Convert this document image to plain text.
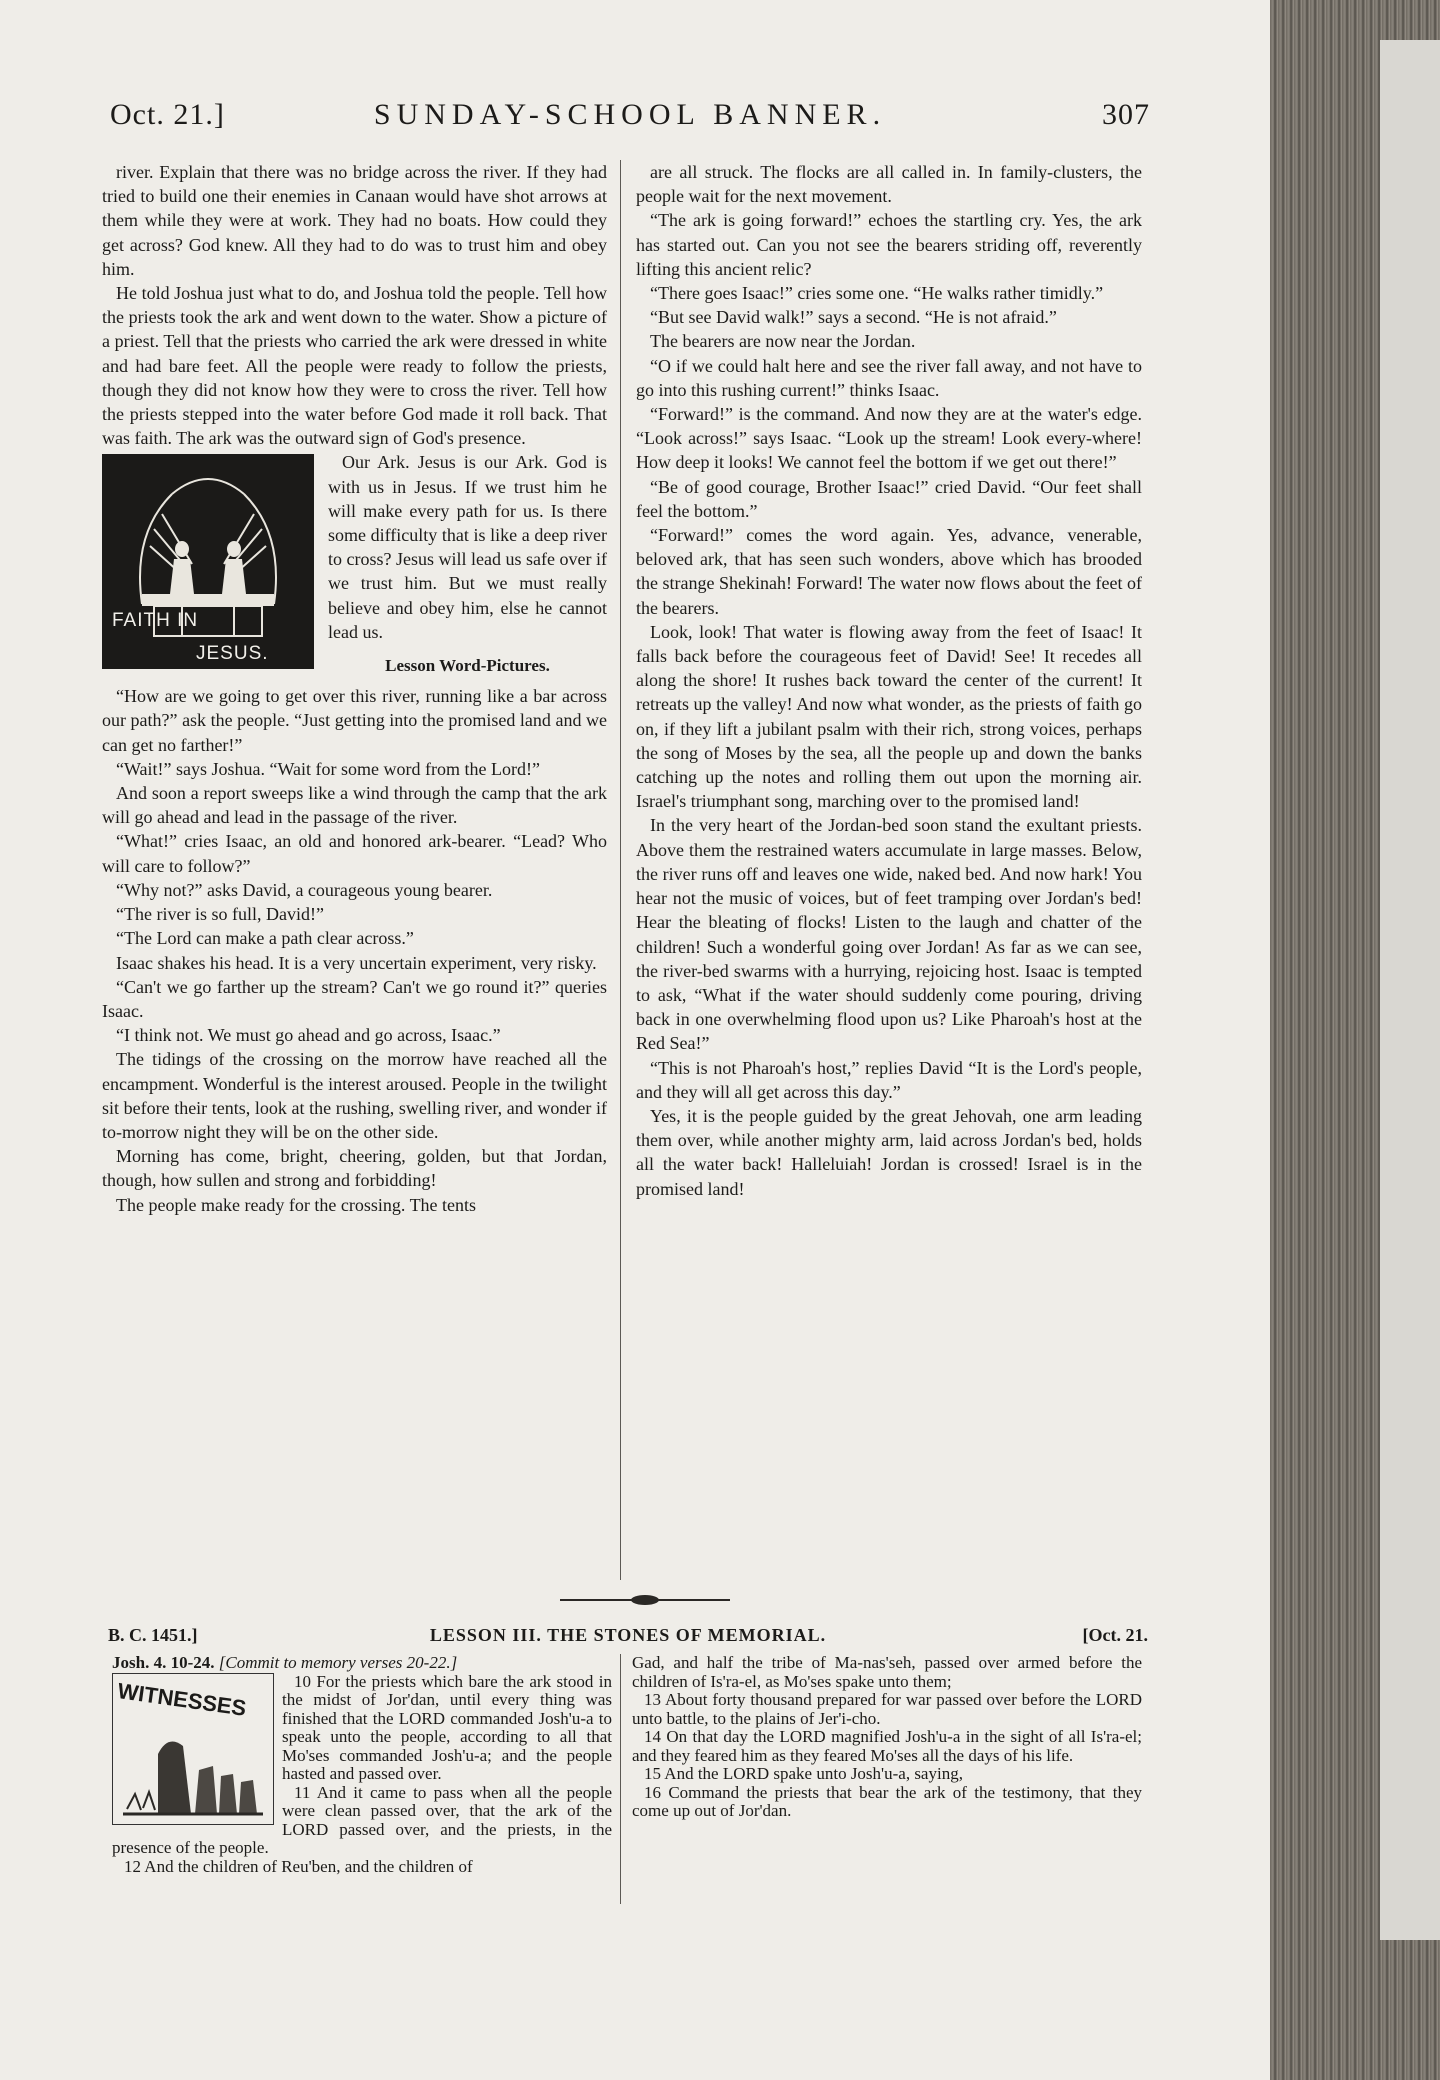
Oct. 21.]	SUNDAY-SCHOOL BANNER.	307

river. Explain that there was no bridge across the river. If they had tried to build one their enemies in Canaan would have shot arrows at them while they were at work. They had no boats. How could they get across? God knew. All they had to do was to trust him and obey him.

He told Joshua just what to do, and Joshua told the people. Tell how the priests took the ark and went down to the water. Show a picture of a priest. Tell that the priests who carried the ark were dressed in white and had bare feet. All the people were ready to follow the priests, though they did not know how they were to cross the river. Tell how the priests stepped into the water before God made it roll back. That was faith. The ark was the outward sign of God's presence.

FAITH IN
JESUS.

Our Ark. Jesus is our Ark. God is with us in Jesus. If we trust him he will make every path for us. Is there some difficulty that is like a deep river to cross? Jesus will lead us safe over if we trust him. But we must really believe and obey him, else he cannot lead us.

Lesson Word-Pictures.

“How are we going to get over this river, running like a bar across our path?” ask the people. “Just getting into the promised land and we can get no farther!”

“Wait!” says Joshua. “Wait for some word from the Lord!”

And soon a report sweeps like a wind through the camp that the ark will go ahead and lead in the passage of the river.

“What!” cries Isaac, an old and honored ark-bearer. “Lead? Who will care to follow?”

“Why not?” asks David, a courageous young bearer.

“The river is so full, David!”

“The Lord can make a path clear across.”

Isaac shakes his head. It is a very uncertain experiment, very risky.

“Can't we go farther up the stream? Can't we go round it?” queries Isaac.

“I think not. We must go ahead and go across, Isaac.”

The tidings of the crossing on the morrow have reached all the encampment. Wonderful is the interest aroused. People in the twilight sit before their tents, look at the rushing, swelling river, and wonder if to-morrow night they will be on the other side.

Morning has come, bright, cheering, golden, but that Jordan, though, how sullen and strong and forbidding!

The people make ready for the crossing. The tents

are all struck. The flocks are all called in. In family-clusters, the people wait for the next movement.

“The ark is going forward!” echoes the startling cry. Yes, the ark has started out. Can you not see the bearers striding off, reverently lifting this ancient relic?

“There goes Isaac!” cries some one. “He walks rather timidly.”

“But see David walk!” says a second. “He is not afraid.”

The bearers are now near the Jordan.

“O if we could halt here and see the river fall away, and not have to go into this rushing current!” thinks Isaac.

“Forward!” is the command. And now they are at the water's edge. “Look across!” says Isaac. “Look up the stream! Look every-where! How deep it looks! We cannot feel the bottom if we get out there!”

“Be of good courage, Brother Isaac!” cried David. “Our feet shall feel the bottom.”

“Forward!” comes the word again. Yes, advance, venerable, beloved ark, that has seen such wonders, above which has brooded the strange Shekinah! Forward! The water now flows about the feet of the bearers.

Look, look! That water is flowing away from the feet of Isaac! It falls back before the courageous feet of David! See! It recedes all along the shore! It rushes back toward the center of the current! It retreats up the valley! And now what wonder, as the priests of faith go on, if they lift a jubilant psalm with their rich, strong voices, perhaps the song of Moses by the sea, all the people up and down the banks catching up the notes and rolling them out upon the morning air. Israel's triumphant song, marching over to the promised land!

In the very heart of the Jordan-bed soon stand the exultant priests. Above them the restrained waters accumulate in large masses. Below, the river runs off and leaves one wide, naked bed. And now hark! You hear not the music of voices, but of feet tramping over Jordan's bed! Hear the bleating of flocks! Listen to the laugh and chatter of the children! Such a wonderful going over Jordan! As far as we can see, the river-bed swarms with a hurrying, rejoicing host. Isaac is tempted to ask, “What if the water should suddenly come pouring, driving back in one overwhelming flood upon us? Like Pharoah's host at the Red Sea!”

“This is not Pharoah's host,” replies David “It is the Lord's people, and they will all get across this day.”

Yes, it is the people guided by the great Jehovah, one arm leading them over, while another mighty arm, laid across Jordan's bed, holds all the water back! Halleluiah! Jordan is crossed! Israel is in the promised land!

B. C. 1451.]	LESSON III. THE STONES OF MEMORIAL.	[Oct. 21.
Josh. 4. 10-24. [Commit to memory verses 20-22.]
WITNESSES	10 For the priests which bare the ark stood in the midst of Jor'dan, until every thing was finished that the LORD commanded Josh'u-a to speak unto the people, according to all that Mo'ses commanded Josh'u-a; and the people hasted and passed over.

11 And it came to pass when all the people were clean passed over, that the ark of the LORD passed over, and the priests, in the presence of the people.

12 And the children of Reu'ben, and the children of

Gad, and half the tribe of Ma-nas'seh, passed over armed before the children of Is'ra-el, as Mo'ses spake unto them;

13 About forty thousand prepared for war passed over before the LORD unto battle, to the plains of Jer'i-cho.

14 On that day the LORD magnified Josh'u-a in the sight of all Is'ra-el; and they feared him as they feared Mo'ses all the days of his life.

15 And the LORD spake unto Josh'u-a, saying,

16 Command the priests that bear the ark of the testimony, that they come up out of Jor'dan.
